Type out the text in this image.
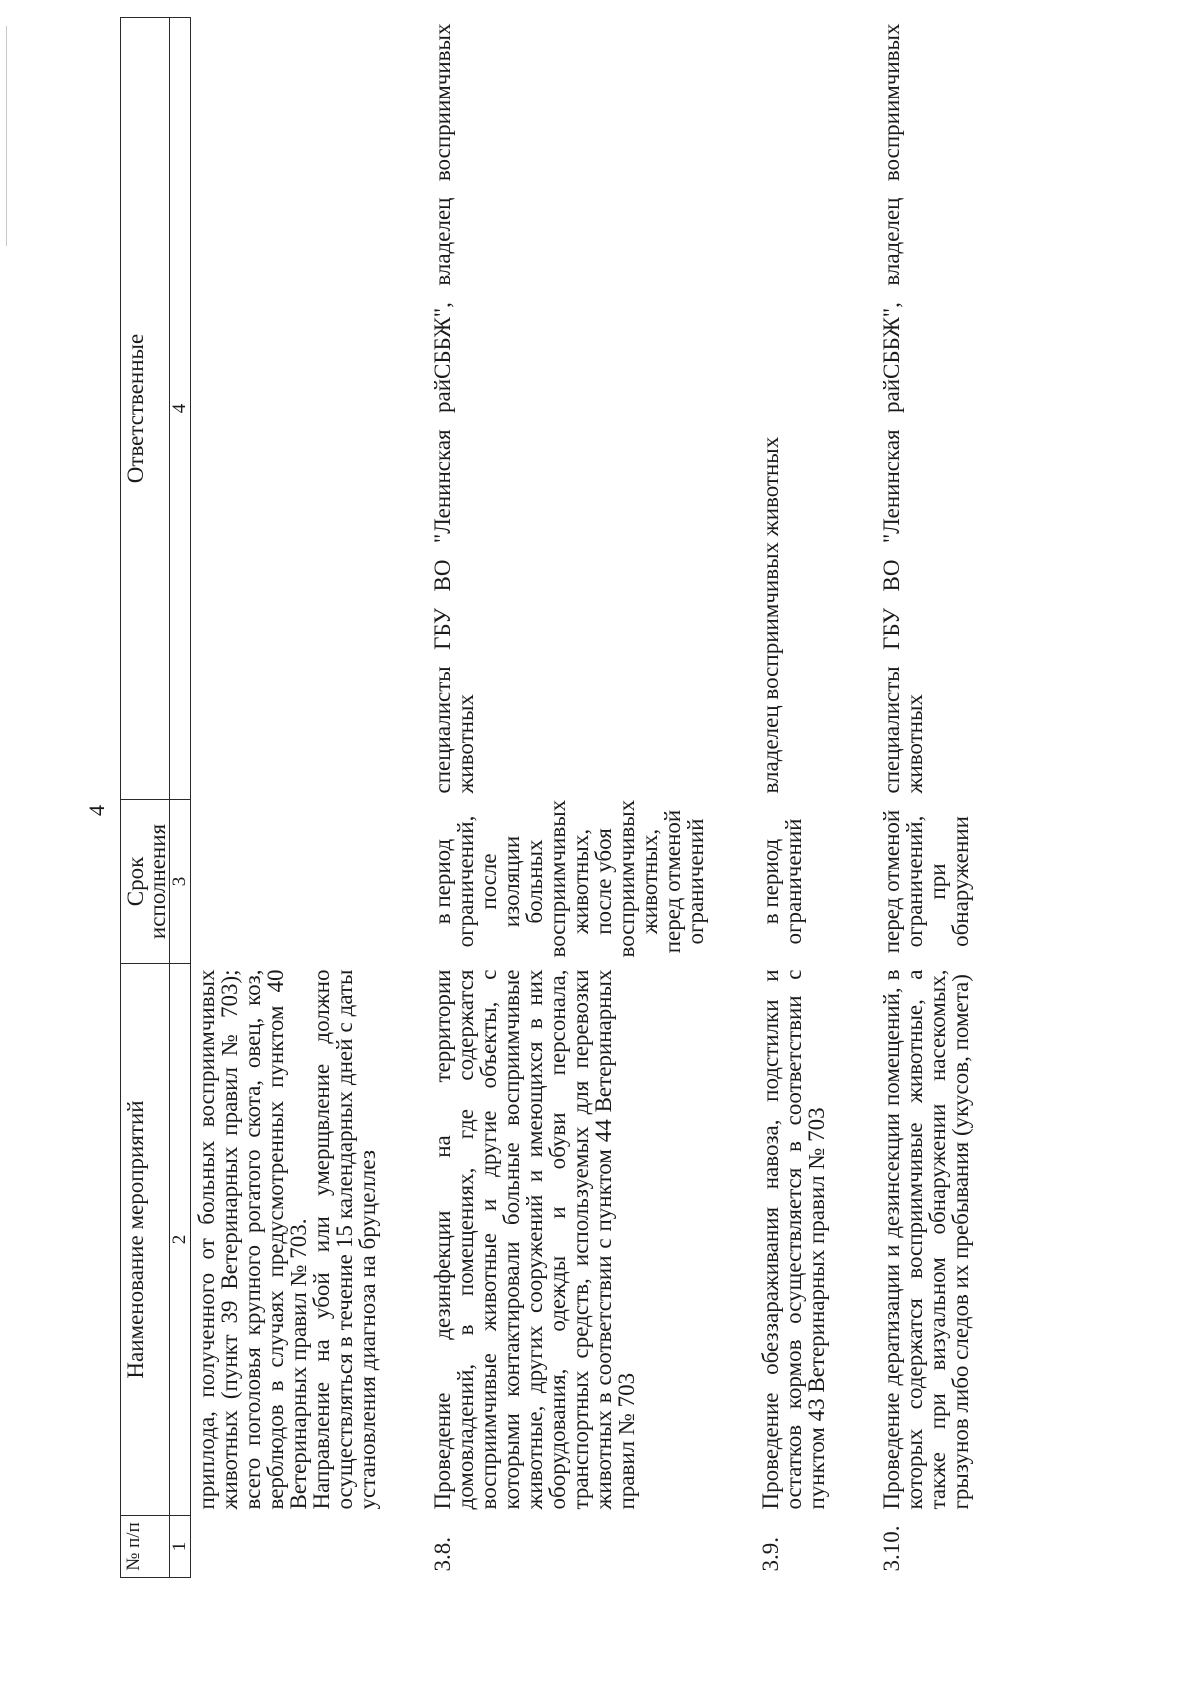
4
№ п/п	Наименование мероприятий	Срок исполнения	Ответственные
1	2	3	4

	приплода, полученного от больных восприимчивых животных (пункт 39 Ветеринарных правил № 703); всего поголовья крупного рогатого скота, овец, коз, верблюдов в случаях предусмотренных пунктом 40 Ветеринарных правил № 703.

Направление на убой или умерщвление должно осуществляться в течение 15 календарных дней с даты установления диагноза на бруцеллез		

3.8.	Проведение дезинфекции на территории домовладений, в помещениях, где содержатся восприимчивые животные и другие объекты, с которыми контактировали больные восприимчивые животные, других сооружений и имеющихся в них оборудования, одежды и обуви персонала, транспортных средств, используемых для перевозки животных в соответствии с пунктом 44 Ветеринарных правил № 703	в период ограничений, после изоляции больных восприимчивых животных, после убоя восприимчивых животных, перед отменой ограничений	специалисты ГБУ ВО "Ленинская райСББЖ", владелец восприимчивых животных
3.9.	Проведение обеззараживания навоза, подстилки и остатков кормов осуществляется в соответствии с пунктом 43 Ветеринарных правил № 703	в период ограничений	владелец восприимчивых животных
3.10.	Проведение дератизации и дезинсекции помещений, в которых содержатся восприимчивые животные, а также при визуальном обнаружении насекомых, грызунов либо следов их пребывания (укусов, помета)	перед отменой ограничений, при обнаружении	специалисты ГБУ ВО "Ленинская райСББЖ", владелец восприимчивых животных
